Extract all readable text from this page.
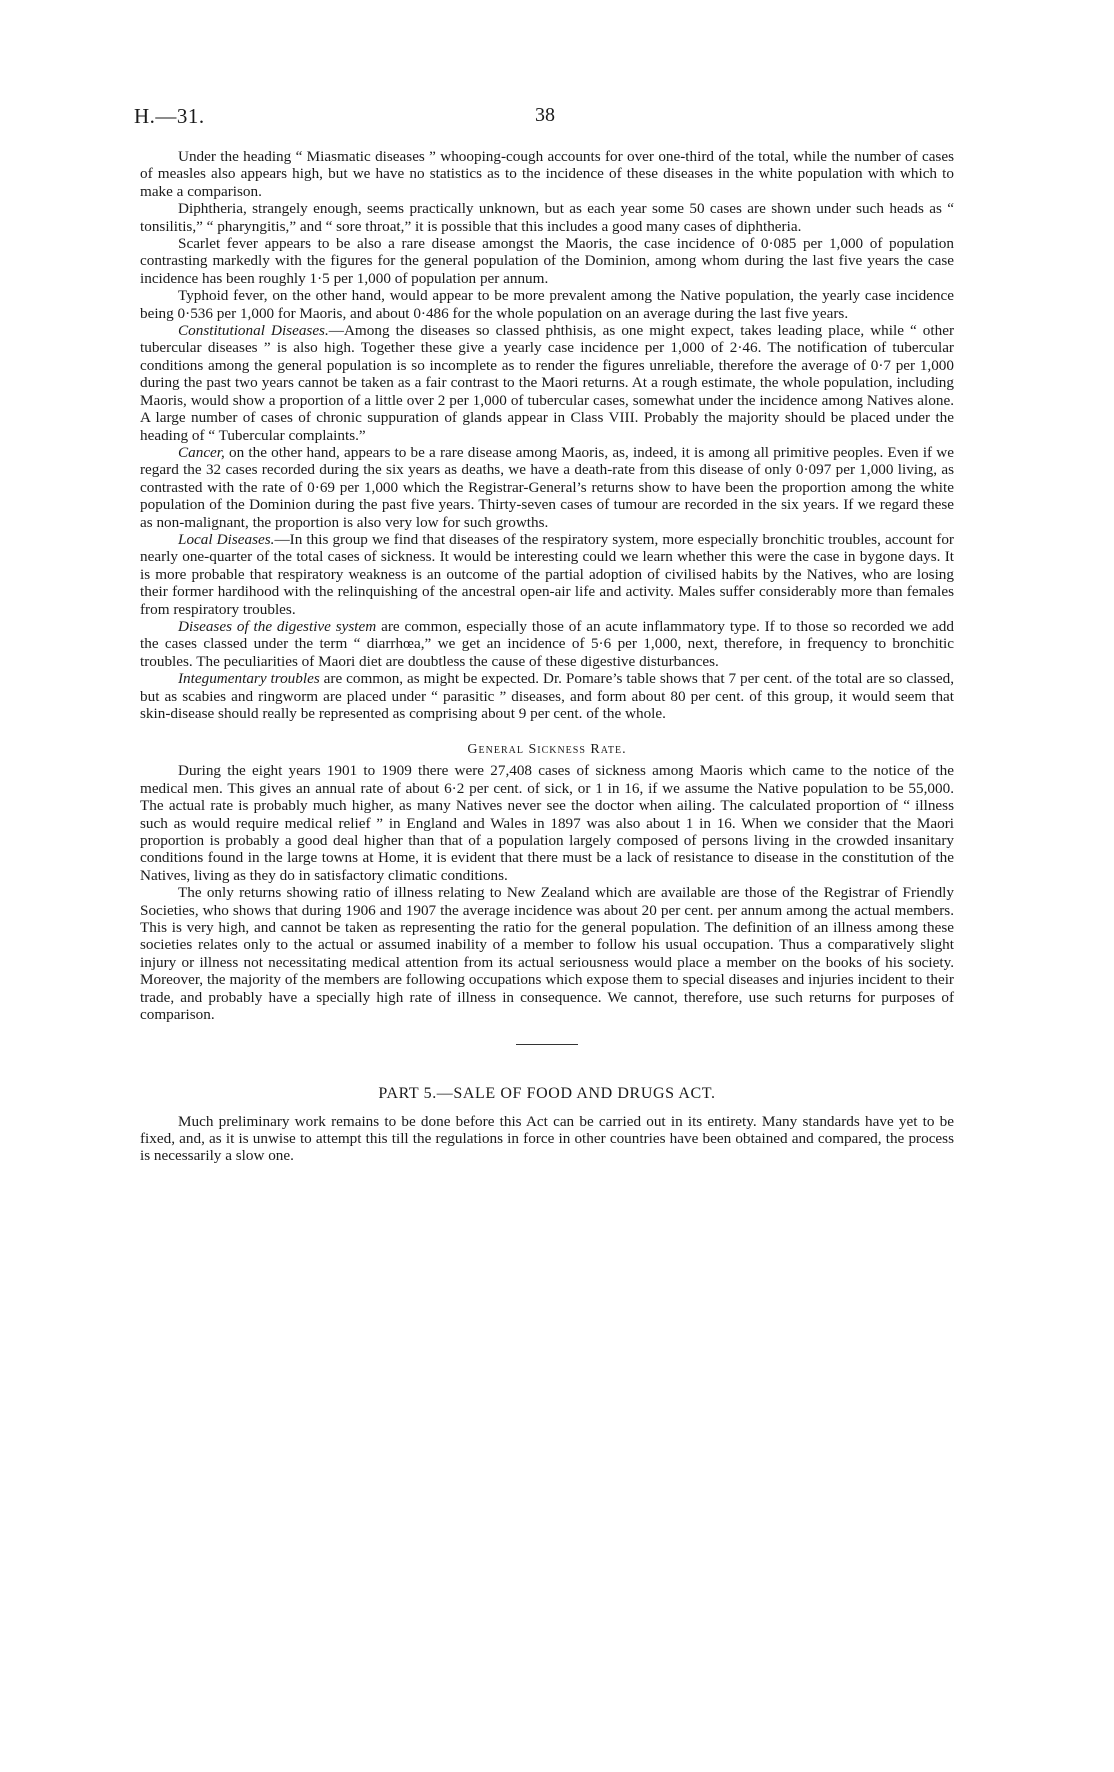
H.—31.	38

Under the heading “ Miasmatic diseases ” whooping-cough accounts for over one-third of the total, while the number of cases of measles also appears high, but we have no statistics as to the incidence of these diseases in the white population with which to make a comparison.

Diphtheria, strangely enough, seems practically unknown, but as each year some 50 cases are shown under such heads as “ tonsilitis,” “ pharyngitis,” and “ sore throat,” it is possible that this includes a good many cases of diphtheria.

Scarlet fever appears to be also a rare disease amongst the Maoris, the case incidence of 0·085 per 1,000 of population contrasting markedly with the figures for the general population of the Dominion, among whom during the last five years the case incidence has been roughly 1·5 per 1,000 of population per annum.

Typhoid fever, on the other hand, would appear to be more prevalent among the Native population, the yearly case incidence being 0·536 per 1,000 for Maoris, and about 0·486 for the whole population on an average during the last five years.

Constitutional Diseases.—Among the diseases so classed phthisis, as one might expect, takes leading place, while “ other tubercular diseases ” is also high. Together these give a yearly case incidence per 1,000 of 2·46. The notification of tubercular conditions among the general population is so incomplete as to render the figures unreliable, therefore the average of 0·7 per 1,000 during the past two years cannot be taken as a fair contrast to the Maori returns. At a rough estimate, the whole population, including Maoris, would show a proportion of a little over 2 per 1,000 of tubercular cases, somewhat under the incidence among Natives alone. A large number of cases of chronic suppuration of glands appear in Class VIII. Probably the majority should be placed under the heading of “ Tubercular complaints.”

Cancer, on the other hand, appears to be a rare disease among Maoris, as, indeed, it is among all primitive peoples. Even if we regard the 32 cases recorded during the six years as deaths, we have a death-rate from this disease of only 0·097 per 1,000 living, as contrasted with the rate of 0·69 per 1,000 which the Registrar-General’s returns show to have been the proportion among the white population of the Dominion during the past five years. Thirty-seven cases of tumour are recorded in the six years. If we regard these as non-malignant, the proportion is also very low for such growths.

Local Diseases.—In this group we find that diseases of the respiratory system, more especially bronchitic troubles, account for nearly one-quarter of the total cases of sickness. It would be interesting could we learn whether this were the case in bygone days. It is more probable that respiratory weakness is an outcome of the partial adoption of civilised habits by the Natives, who are losing their former hardihood with the relinquishing of the ancestral open-air life and activity. Males suffer considerably more than females from respiratory troubles.

Diseases of the digestive system are common, especially those of an acute inflammatory type. If to those so recorded we add the cases classed under the term “ diarrhœa,” we get an incidence of 5·6 per 1,000, next, therefore, in frequency to bronchitic troubles. The peculiarities of Maori diet are doubtless the cause of these digestive disturbances.

Integumentary troubles are common, as might be expected. Dr. Pomare’s table shows that 7 per cent. of the total are so classed, but as scabies and ringworm are placed under “ parasitic ” diseases, and form about 80 per cent. of this group, it would seem that skin-disease should really be represented as comprising about 9 per cent. of the whole.

General Sickness Rate.

During the eight years 1901 to 1909 there were 27,408 cases of sickness among Maoris which came to the notice of the medical men. This gives an annual rate of about 6·2 per cent. of sick, or 1 in 16, if we assume the Native population to be 55,000. The actual rate is probably much higher, as many Natives never see the doctor when ailing. The calculated proportion of “ illness such as would require medical relief ” in England and Wales in 1897 was also about 1 in 16. When we consider that the Maori proportion is probably a good deal higher than that of a population largely composed of persons living in the crowded insanitary conditions found in the large towns at Home, it is evident that there must be a lack of resistance to disease in the constitution of the Natives, living as they do in satisfactory climatic conditions.

The only returns showing ratio of illness relating to New Zealand which are available are those of the Registrar of Friendly Societies, who shows that during 1906 and 1907 the average incidence was about 20 per cent. per annum among the actual members. This is very high, and cannot be taken as representing the ratio for the general population. The definition of an illness among these societies relates only to the actual or assumed inability of a member to follow his usual occupation. Thus a comparatively slight injury or illness not necessitating medical attention from its actual seriousness would place a member on the books of his society. Moreover, the majority of the members are following occupations which expose them to special diseases and injuries incident to their trade, and probably have a specially high rate of illness in consequence. We cannot, therefore, use such returns for purposes of comparison.

PART 5.—SALE OF FOOD AND DRUGS ACT.

Much preliminary work remains to be done before this Act can be carried out in its entirety. Many standards have yet to be fixed, and, as it is unwise to attempt this till the regulations in force in other countries have been obtained and compared, the process is necessarily a slow one.
